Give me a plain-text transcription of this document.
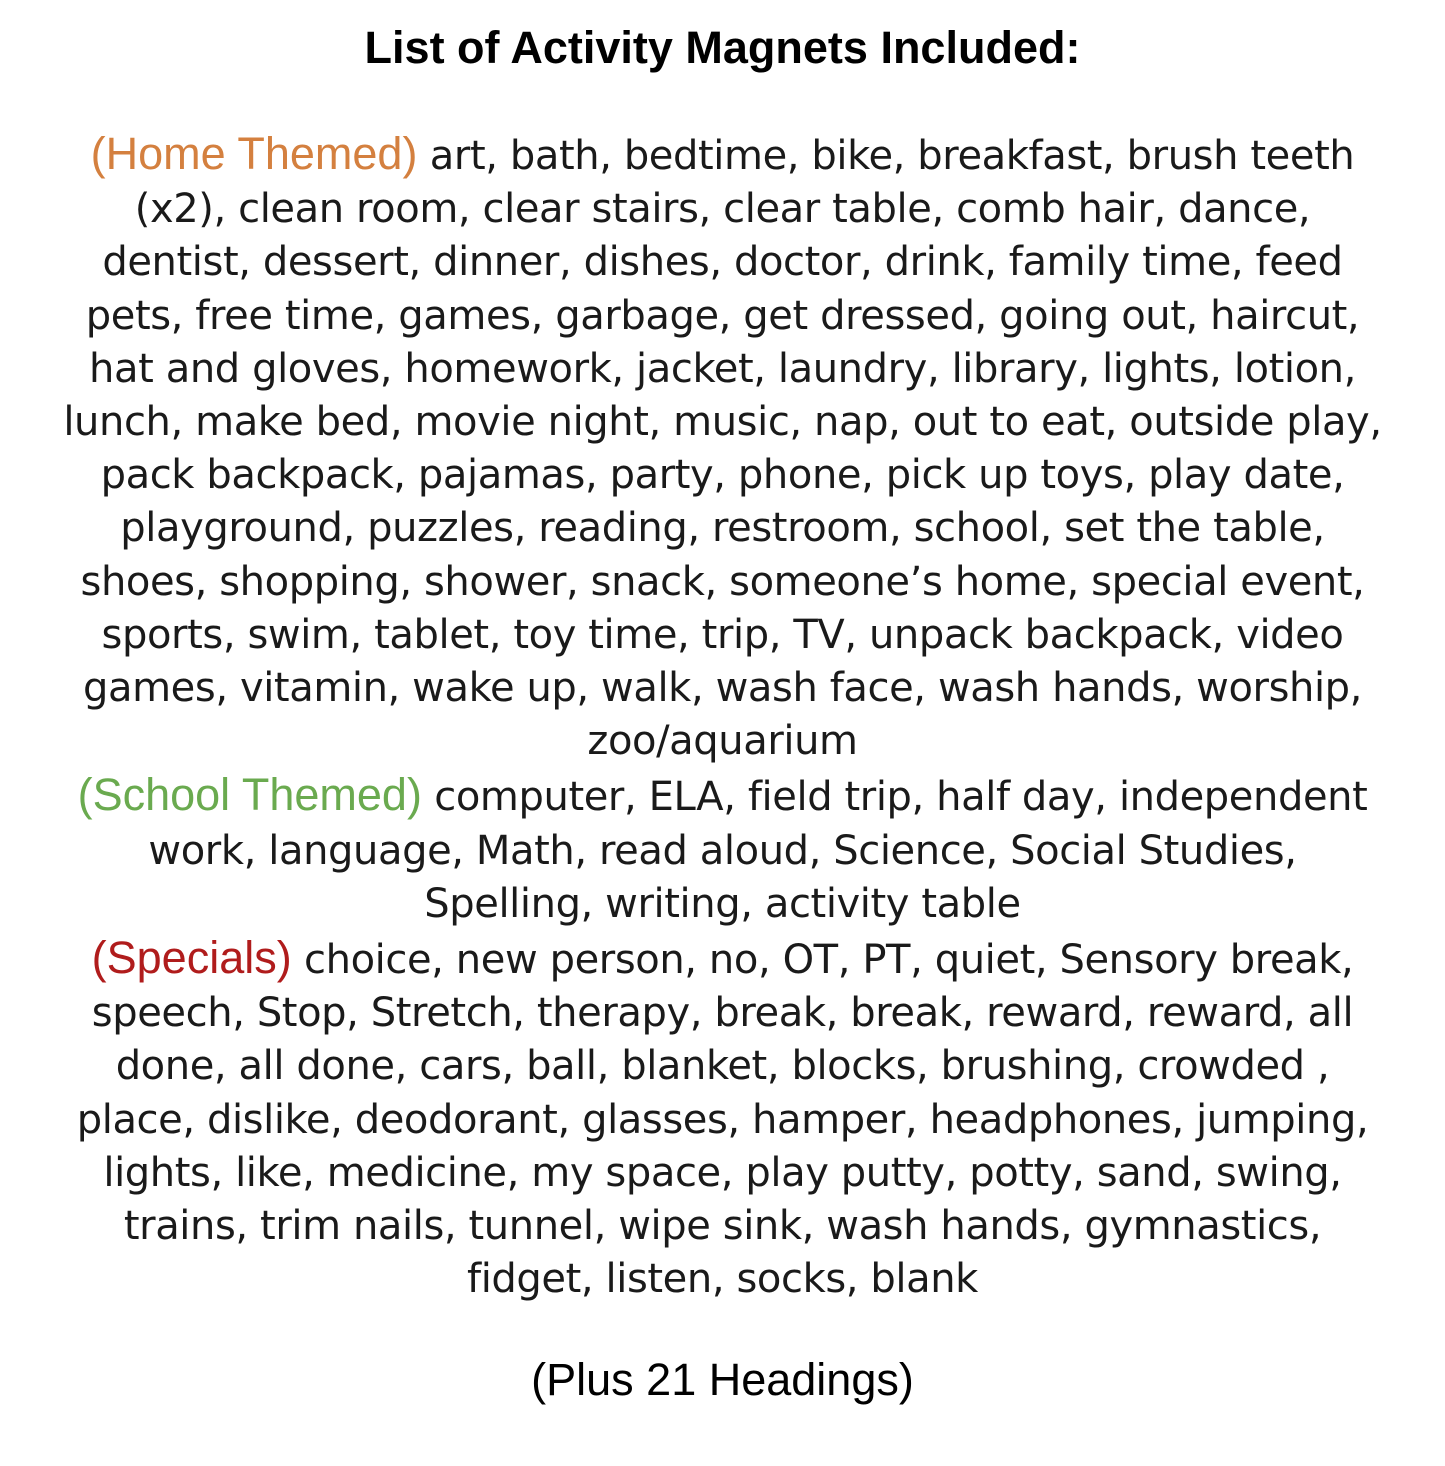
List of Activity Magnets Included:

(Home Themed) art, bath, bedtime, bike, breakfast, brush teeth (x2), clean room, clear stairs, clear table, comb hair, dance, dentist, dessert, dinner, dishes, doctor, drink, family time, feed pets, free time, games, garbage, get dressed, going out, haircut, hat and gloves, homework, jacket, laundry, library, lights, lotion, lunch, make bed, movie night, music, nap, out to eat, outside play, pack backpack, pajamas, party, phone, pick up toys, play date, playground, puzzles, reading, restroom, school, set the table, shoes, shopping, shower, snack, someone’s home, special event, sports, swim, tablet, toy time, trip, TV, unpack backpack, video games, vitamin, wake up, walk, wash face, wash hands, worship, zoo/aquarium

(School Themed) computer, ELA, field trip, half day, independent work, language, Math, read aloud, Science, Social Studies, Spelling, writing, activity table

(Specials) choice, new person, no, OT, PT, quiet, Sensory break, speech, Stop, Stretch, therapy, break, break, reward, reward, all done, all done, cars, ball, blanket, blocks, brushing, crowded , place, dislike, deodorant, glasses, hamper, headphones, jumping, lights, like, medicine, my space, play putty, potty, sand, swing, trains, trim nails, tunnel, wipe sink, wash hands, gymnastics, fidget, listen, socks, blank

(Plus 21 Headings)
